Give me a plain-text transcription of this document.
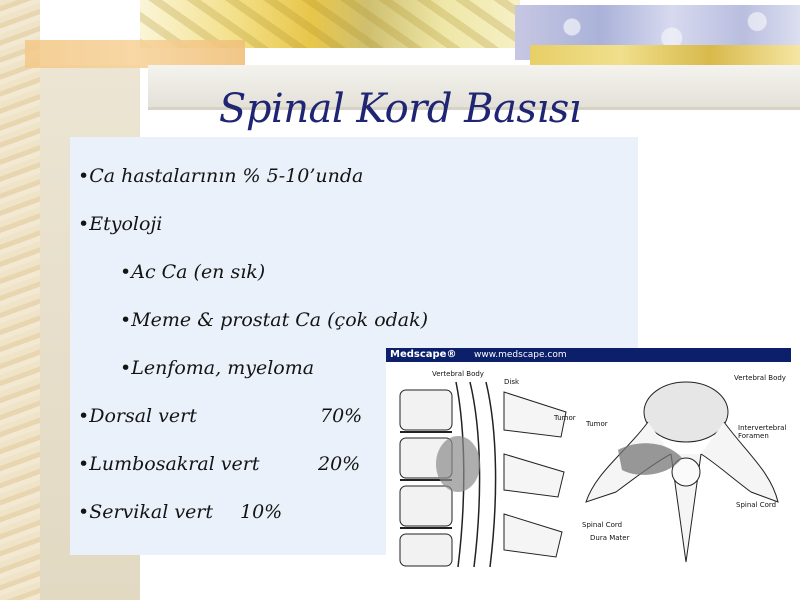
Spinal Kord Basısı
•Ca hastalarının % 5-10’unda
•Etyoloji
•Ac Ca (en sık)
•Meme & prostat Ca (çok odak)
•Lenfoma, myeloma
•Dorsal vert	70%
•Lumbosakral vert	20%
•Servikal vert 10%
Medscape® www.medscape.com
Vertebral Body
Disk
Tumor
Spinal Cord
Dura Mater
Vertebral Body
Tumor	Intervertebral
Foramen
Spinal Cord
